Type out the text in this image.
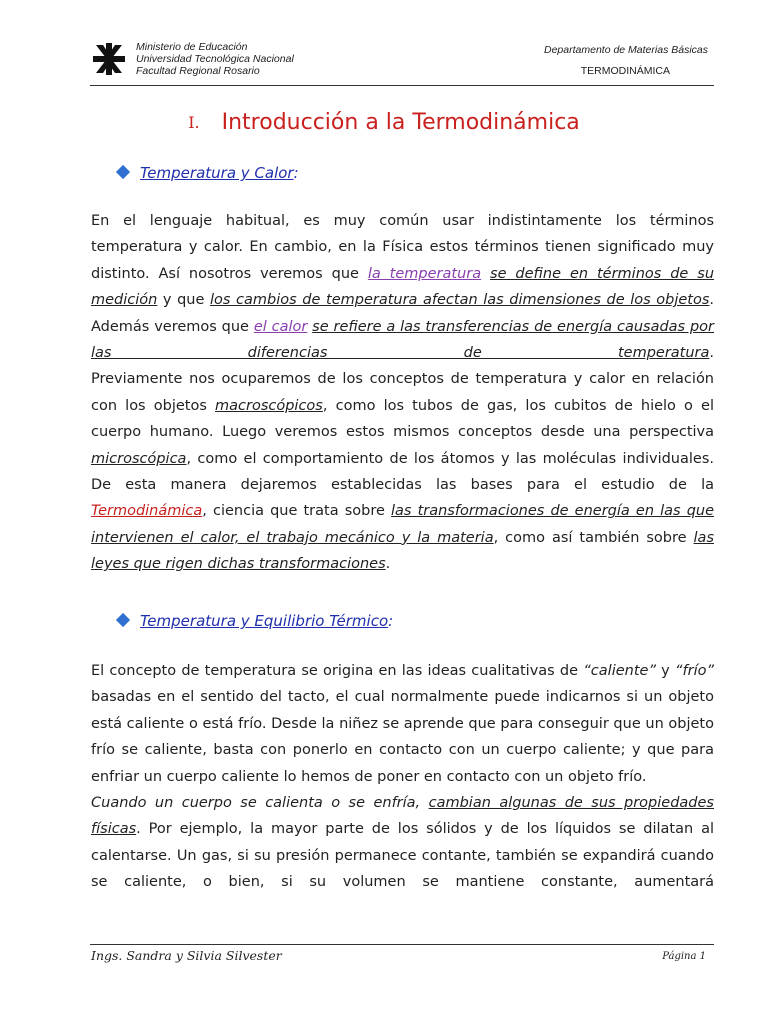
Ministerio de Educación
Universidad Tecnológica Nacional
Facultad Regional Rosario
Departamento de Materias Básicas
TERMODINÁMICA
I. Introducción a la Termodinámica
Temperatura y Calor:

En el lenguaje habitual, es muy común usar indistintamente los términos temperatura y calor. En cambio, en la Física estos términos tienen significado muy distinto. Así nosotros veremos que la temperatura se define en términos de su medición y que los cambios de temperatura afectan las dimensiones de los objetos. Además veremos que el calor se refiere a las transferencias de energía causadas por las diferencias de temperatura.

Previamente nos ocuparemos de los conceptos de temperatura y calor en relación con los objetos macroscópicos, como los tubos de gas, los cubitos de hielo o el cuerpo humano. Luego veremos estos mismos conceptos desde una perspectiva microscópica, como el comportamiento de los átomos y las moléculas individuales. De esta manera dejaremos establecidas las bases para el estudio de la Termodinámica, ciencia que trata sobre las transformaciones de energía en las que intervienen el calor, el trabajo mecánico y la materia, como así también sobre las leyes que rigen dichas transformaciones.

Temperatura y Equilibrio Térmico:

El concepto de temperatura se origina en las ideas cualitativas de “caliente” y “frío” basadas en el sentido del tacto, el cual normalmente puede indicarnos si un objeto está caliente o está frío. Desde la niñez se aprende que para conseguir que un objeto frío se caliente, basta con ponerlo en contacto con un cuerpo caliente; y que para enfriar un cuerpo caliente lo hemos de poner en contacto con un objeto frío.

Cuando un cuerpo se calienta o se enfría, cambian algunas de sus propiedades físicas. Por ejemplo, la mayor parte de los sólidos y de los líquidos se dilatan al calentarse. Un gas, si su presión permanece contante, también se expandirá cuando se caliente, o bien, si su volumen se mantiene constante, aumentará

Ings. Sandra y Silvia Silvester	Página 1
